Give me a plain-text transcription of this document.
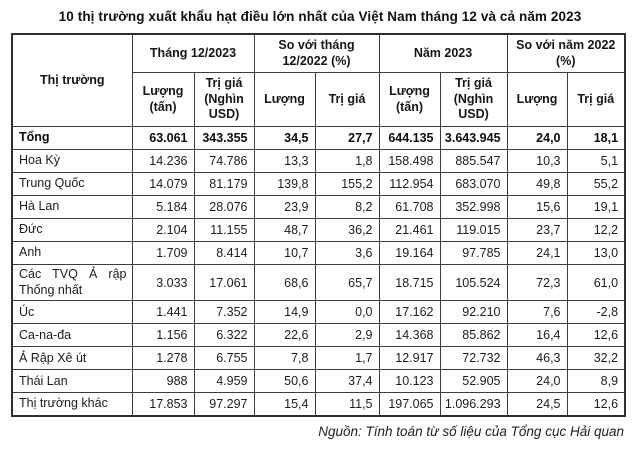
10 thị trường xuất khẩu hạt điều lớn nhất của Việt Nam tháng 12 và cả năm 2023
Thị trường	Tháng 12/2023		So với tháng 12/2022 (%)		Năm 2023		So với năm 2022 (%)	
	Lượng (tấn)	Trị giá (Nghìn USD)	Lượng	Trị giá	Lượng (tấn)	Trị giá (Nghìn USD)	Lượng	Trị giá
Tổng	63.061	343.355	34,5	27,7	644.135	3.643.945	24,0	18,1
Hoa Kỳ	14.236	74.786	13,3	1,8	158.498	885.547	10,3	5,1
Trung Quốc	14.079	81.179	139,8	155,2	112.954	683.070	49,8	55,2
Hà Lan	5.184	28.076	23,9	8,2	61.708	352.998	15,6	19,1
Đức	2.104	11.155	48,7	36,2	21.461	119.015	23,7	12,2
Anh	1.709	8.414	10,7	3,6	19.164	97.785	24,1	13,0
Các TVQ Ả rập Thống nhất	3.033	17.061	68,6	65,7	18.715	105.524	72,3	61,0
Úc	1.441	7.352	14,9	0,0	17.162	92.210	7,6	-2,8
Ca-na-đa	1.156	6.322	22,6	2,9	14.368	85.862	16,4	12,6
Ả Rập Xê út	1.278	6.755	7,8	1,7	12.917	72.732	46,3	32,2
Thái Lan	988	4.959	50,6	37,4	10.123	52.905	24,0	8,9
Thị trường khác	17.853	97.297	15,4	11,5	197.065	1.096.293	24,5	12,6

Nguồn: Tính toán từ số liệu của Tổng cục Hải quan
